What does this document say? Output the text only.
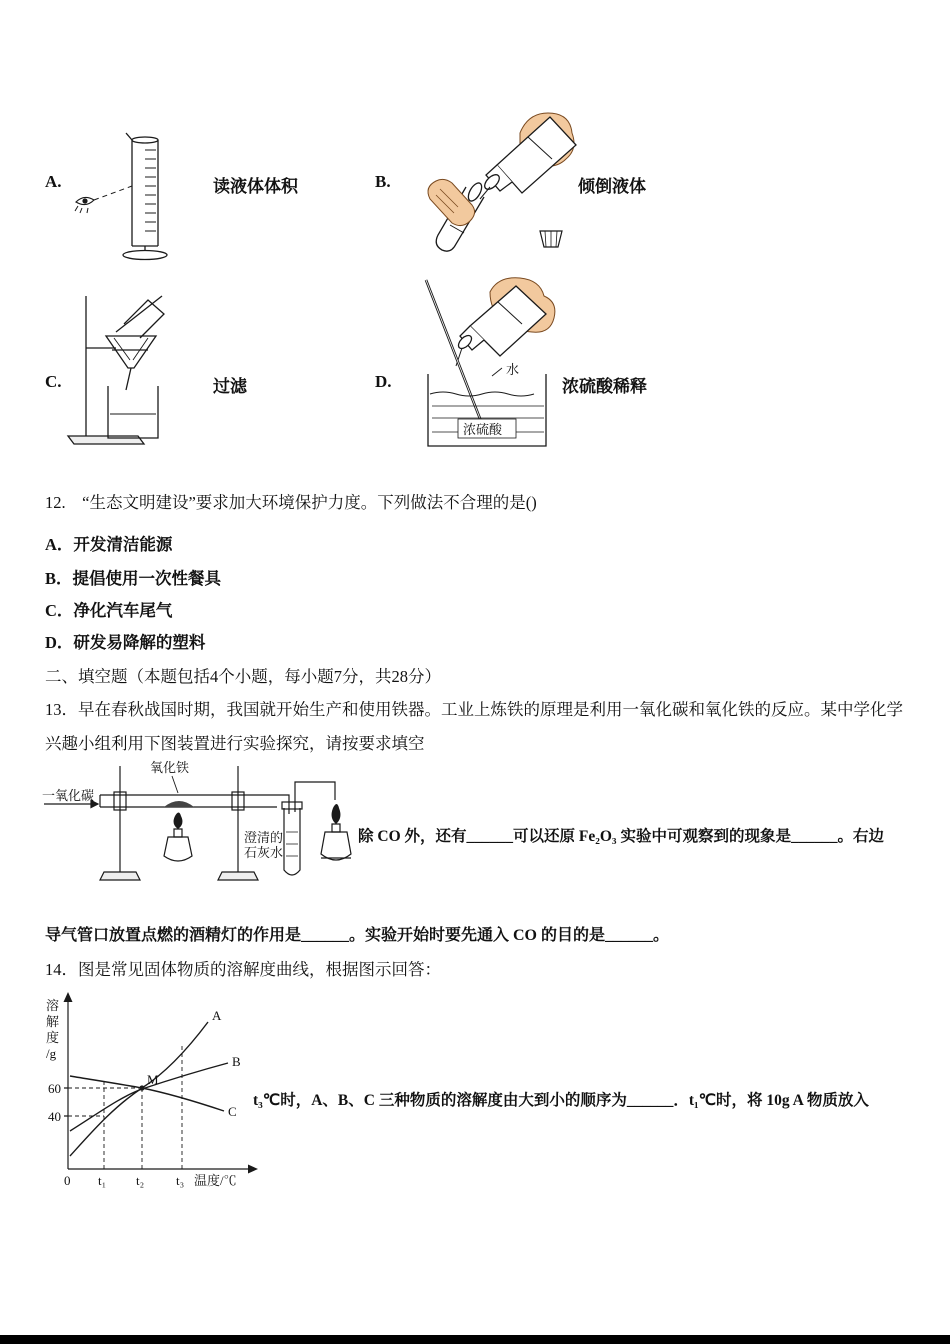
A.	读液体体积	B.	倾倒液体
C.	过滤	D.
水
浓硫酸
浓硫酸稀释
12.　“生态文明建设”要求加大环境保护力度。下列做法不合理的是()
A．开发清洁能源
B．提倡使用一次性餐具
C．净化汽车尾气
D．研发易降解的塑料
二、填空题（本题包括4个小题，每小题7分，共28分）
13．早在春秋战国时期，我国就开始生产和使用铁器。工业上炼铁的原理是利用一氧化碳和氧化铁的反应。某中学化学
兴趣小组利用下图装置进行实验探究，请按要求填空
一氧化碳
氧化铁
澄清的
石灰水
除 CO 外，还有______可以还原 Fe₂O₃ 实验中可观察到的现象是______。右边
导气管口放置点燃的酒精灯的作用是______。实验开始时要先通入 CO 的目的是______。
14．图是常见固体物质的溶解度曲线，根据图示回答：
溶
解
度
/g
60
40
0 t₁ t₂ t₃ 温度/℃
A
B
C
M
t₃℃时，A、B、C 三种物质的溶解度由大到小的顺序为______．t₁℃时，将 10g A 物质放入
